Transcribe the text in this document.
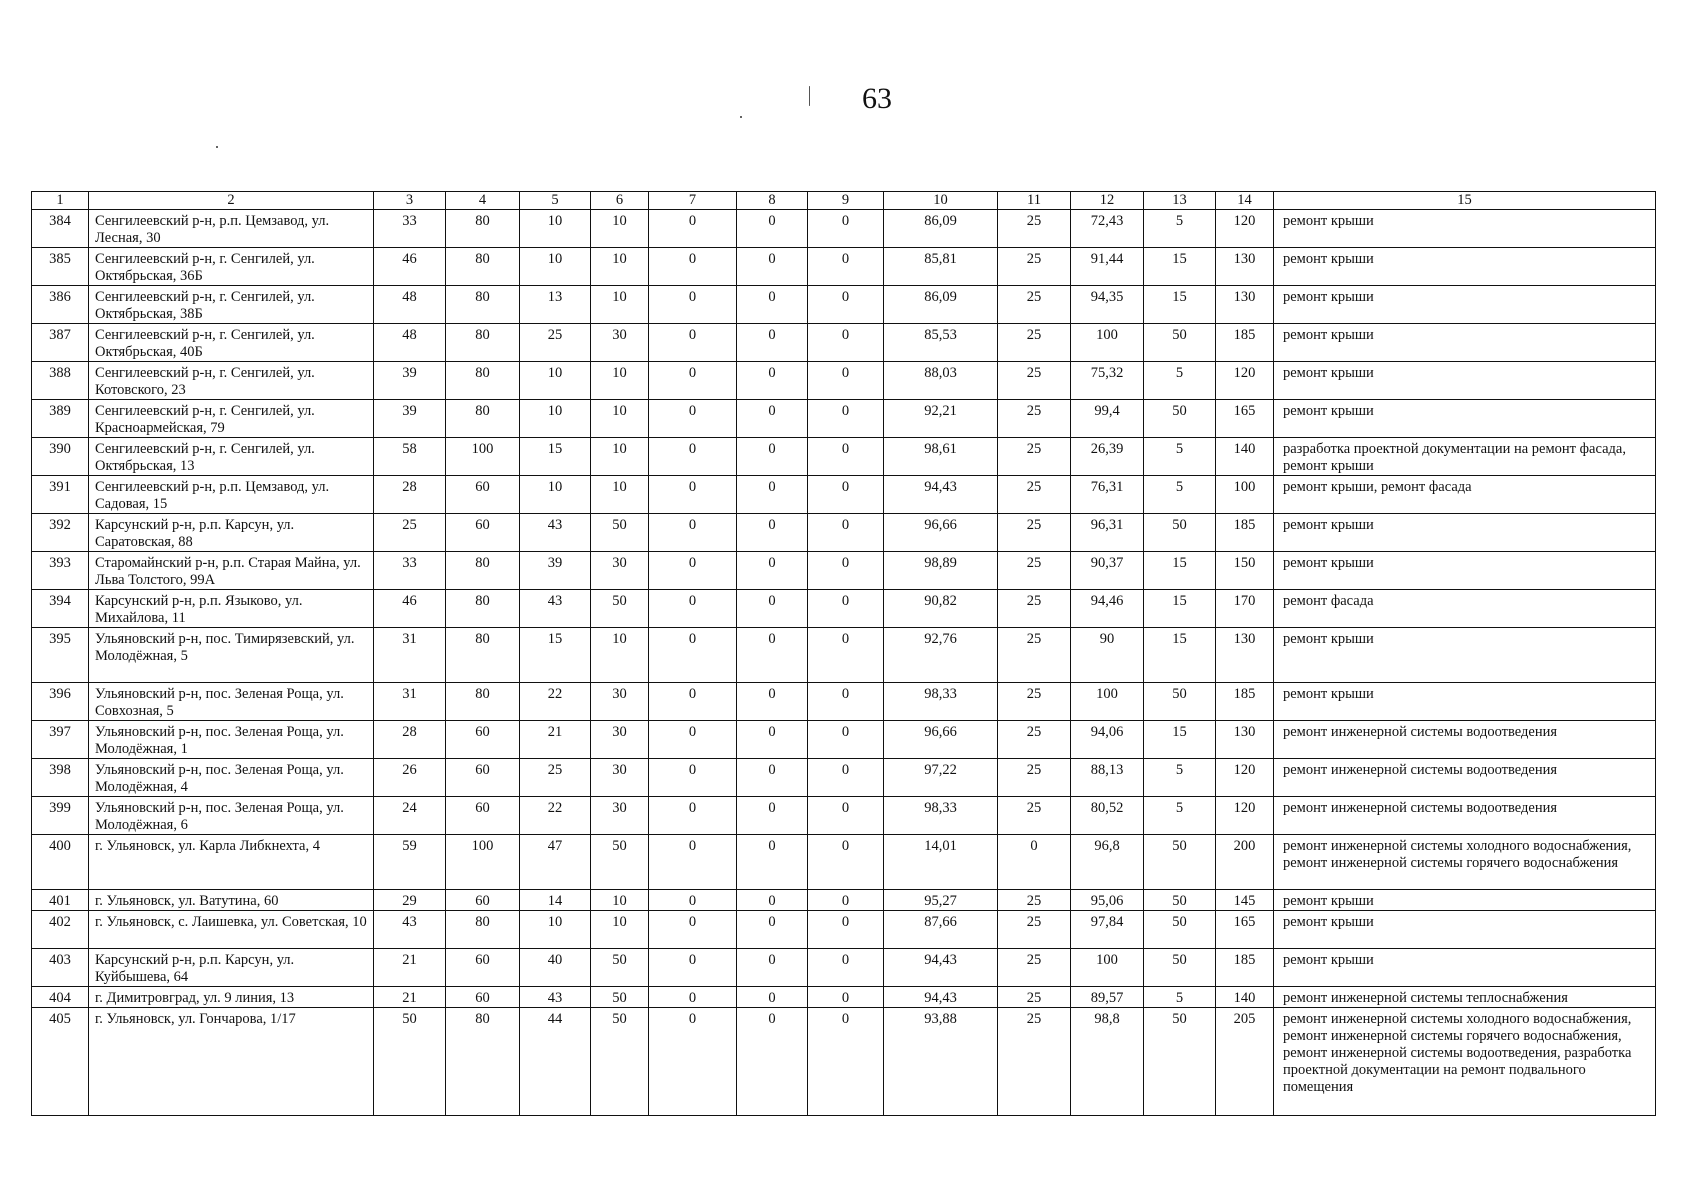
63
1	2	3	4	5	6	7	8	9	10	11	12	13	14	15
384	Сенгилеевский р-н, р.п. Цемзавод, ул. Лесная, 30	33	80	10	10	0	0	0	86,09	25	72,43	5	120	ремонт крыши
385	Сенгилеевский р-н, г. Сенгилей, ул. Октябрьская, 36Б	46	80	10	10	0	0	0	85,81	25	91,44	15	130	ремонт крыши
386	Сенгилеевский р-н, г. Сенгилей, ул. Октябрьская, 38Б	48	80	13	10	0	0	0	86,09	25	94,35	15	130	ремонт крыши
387	Сенгилеевский р-н, г. Сенгилей, ул. Октябрьская, 40Б	48	80	25	30	0	0	0	85,53	25	100	50	185	ремонт крыши
388	Сенгилеевский р-н, г. Сенгилей, ул. Котовского, 23	39	80	10	10	0	0	0	88,03	25	75,32	5	120	ремонт крыши
389	Сенгилеевский р-н, г. Сенгилей, ул. Красноармейская, 79	39	80	10	10	0	0	0	92,21	25	99,4	50	165	ремонт крыши
390	Сенгилеевский р-н, г. Сенгилей, ул. Октябрьская, 13	58	100	15	10	0	0	0	98,61	25	26,39	5	140	разработка проектной документации на ремонт фасада, ремонт крыши
391	Сенгилеевский р-н, р.п. Цемзавод, ул. Садовая, 15	28	60	10	10	0	0	0	94,43	25	76,31	5	100	ремонт крыши, ремонт фасада
392	Карсунский р-н, р.п. Карсун, ул. Саратовская, 88	25	60	43	50	0	0	0	96,66	25	96,31	50	185	ремонт крыши
393	Старомайнский р-н, р.п. Старая Майна, ул. Льва Толстого, 99А	33	80	39	30	0	0	0	98,89	25	90,37	15	150	ремонт крыши
394	Карсунский р-н, р.п. Языково, ул. Михайлова, 11	46	80	43	50	0	0	0	90,82	25	94,46	15	170	ремонт фасада
395	Ульяновский р-н, пос. Тимирязевский, ул. Молодёжная, 5	31	80	15	10	0	0	0	92,76	25	90	15	130	ремонт крыши
396	Ульяновский р-н, пос. Зеленая Роща, ул. Совхозная, 5	31	80	22	30	0	0	0	98,33	25	100	50	185	ремонт крыши
397	Ульяновский р-н, пос. Зеленая Роща, ул. Молодёжная, 1	28	60	21	30	0	0	0	96,66	25	94,06	15	130	ремонт инженерной системы водоотведения
398	Ульяновский р-н, пос. Зеленая Роща, ул. Молодёжная, 4	26	60	25	30	0	0	0	97,22	25	88,13	5	120	ремонт инженерной системы водоотведения
399	Ульяновский р-н, пос. Зеленая Роща, ул. Молодёжная, 6	24	60	22	30	0	0	0	98,33	25	80,52	5	120	ремонт инженерной системы водоотведения
400	г. Ульяновск, ул. Карла Либкнехта, 4	59	100	47	50	0	0	0	14,01	0	96,8	50	200	ремонт инженерной системы холодного водоснабжения, ремонт инженерной системы горячего водоснабжения
401	г. Ульяновск, ул. Ватутина, 60	29	60	14	10	0	0	0	95,27	25	95,06	50	145	ремонт крыши
402	г. Ульяновск, с. Лаишевка, ул. Советская, 10	43	80	10	10	0	0	0	87,66	25	97,84	50	165	ремонт крыши
403	Карсунский р-н, р.п. Карсун, ул. Куйбышева, 64	21	60	40	50	0	0	0	94,43	25	100	50	185	ремонт крыши
404	г. Димитровград, ул. 9 линия, 13	21	60	43	50	0	0	0	94,43	25	89,57	5	140	ремонт инженерной системы теплоснабжения
405	г. Ульяновск, ул. Гончарова, 1/17	50	80	44	50	0	0	0	93,88	25	98,8	50	205	ремонт инженерной системы холодного водоснабжения, ремонт инженерной системы горячего водоснабжения, ремонт инженерной системы водоотведения, разработка проектной документации на ремонт подвального помещения
